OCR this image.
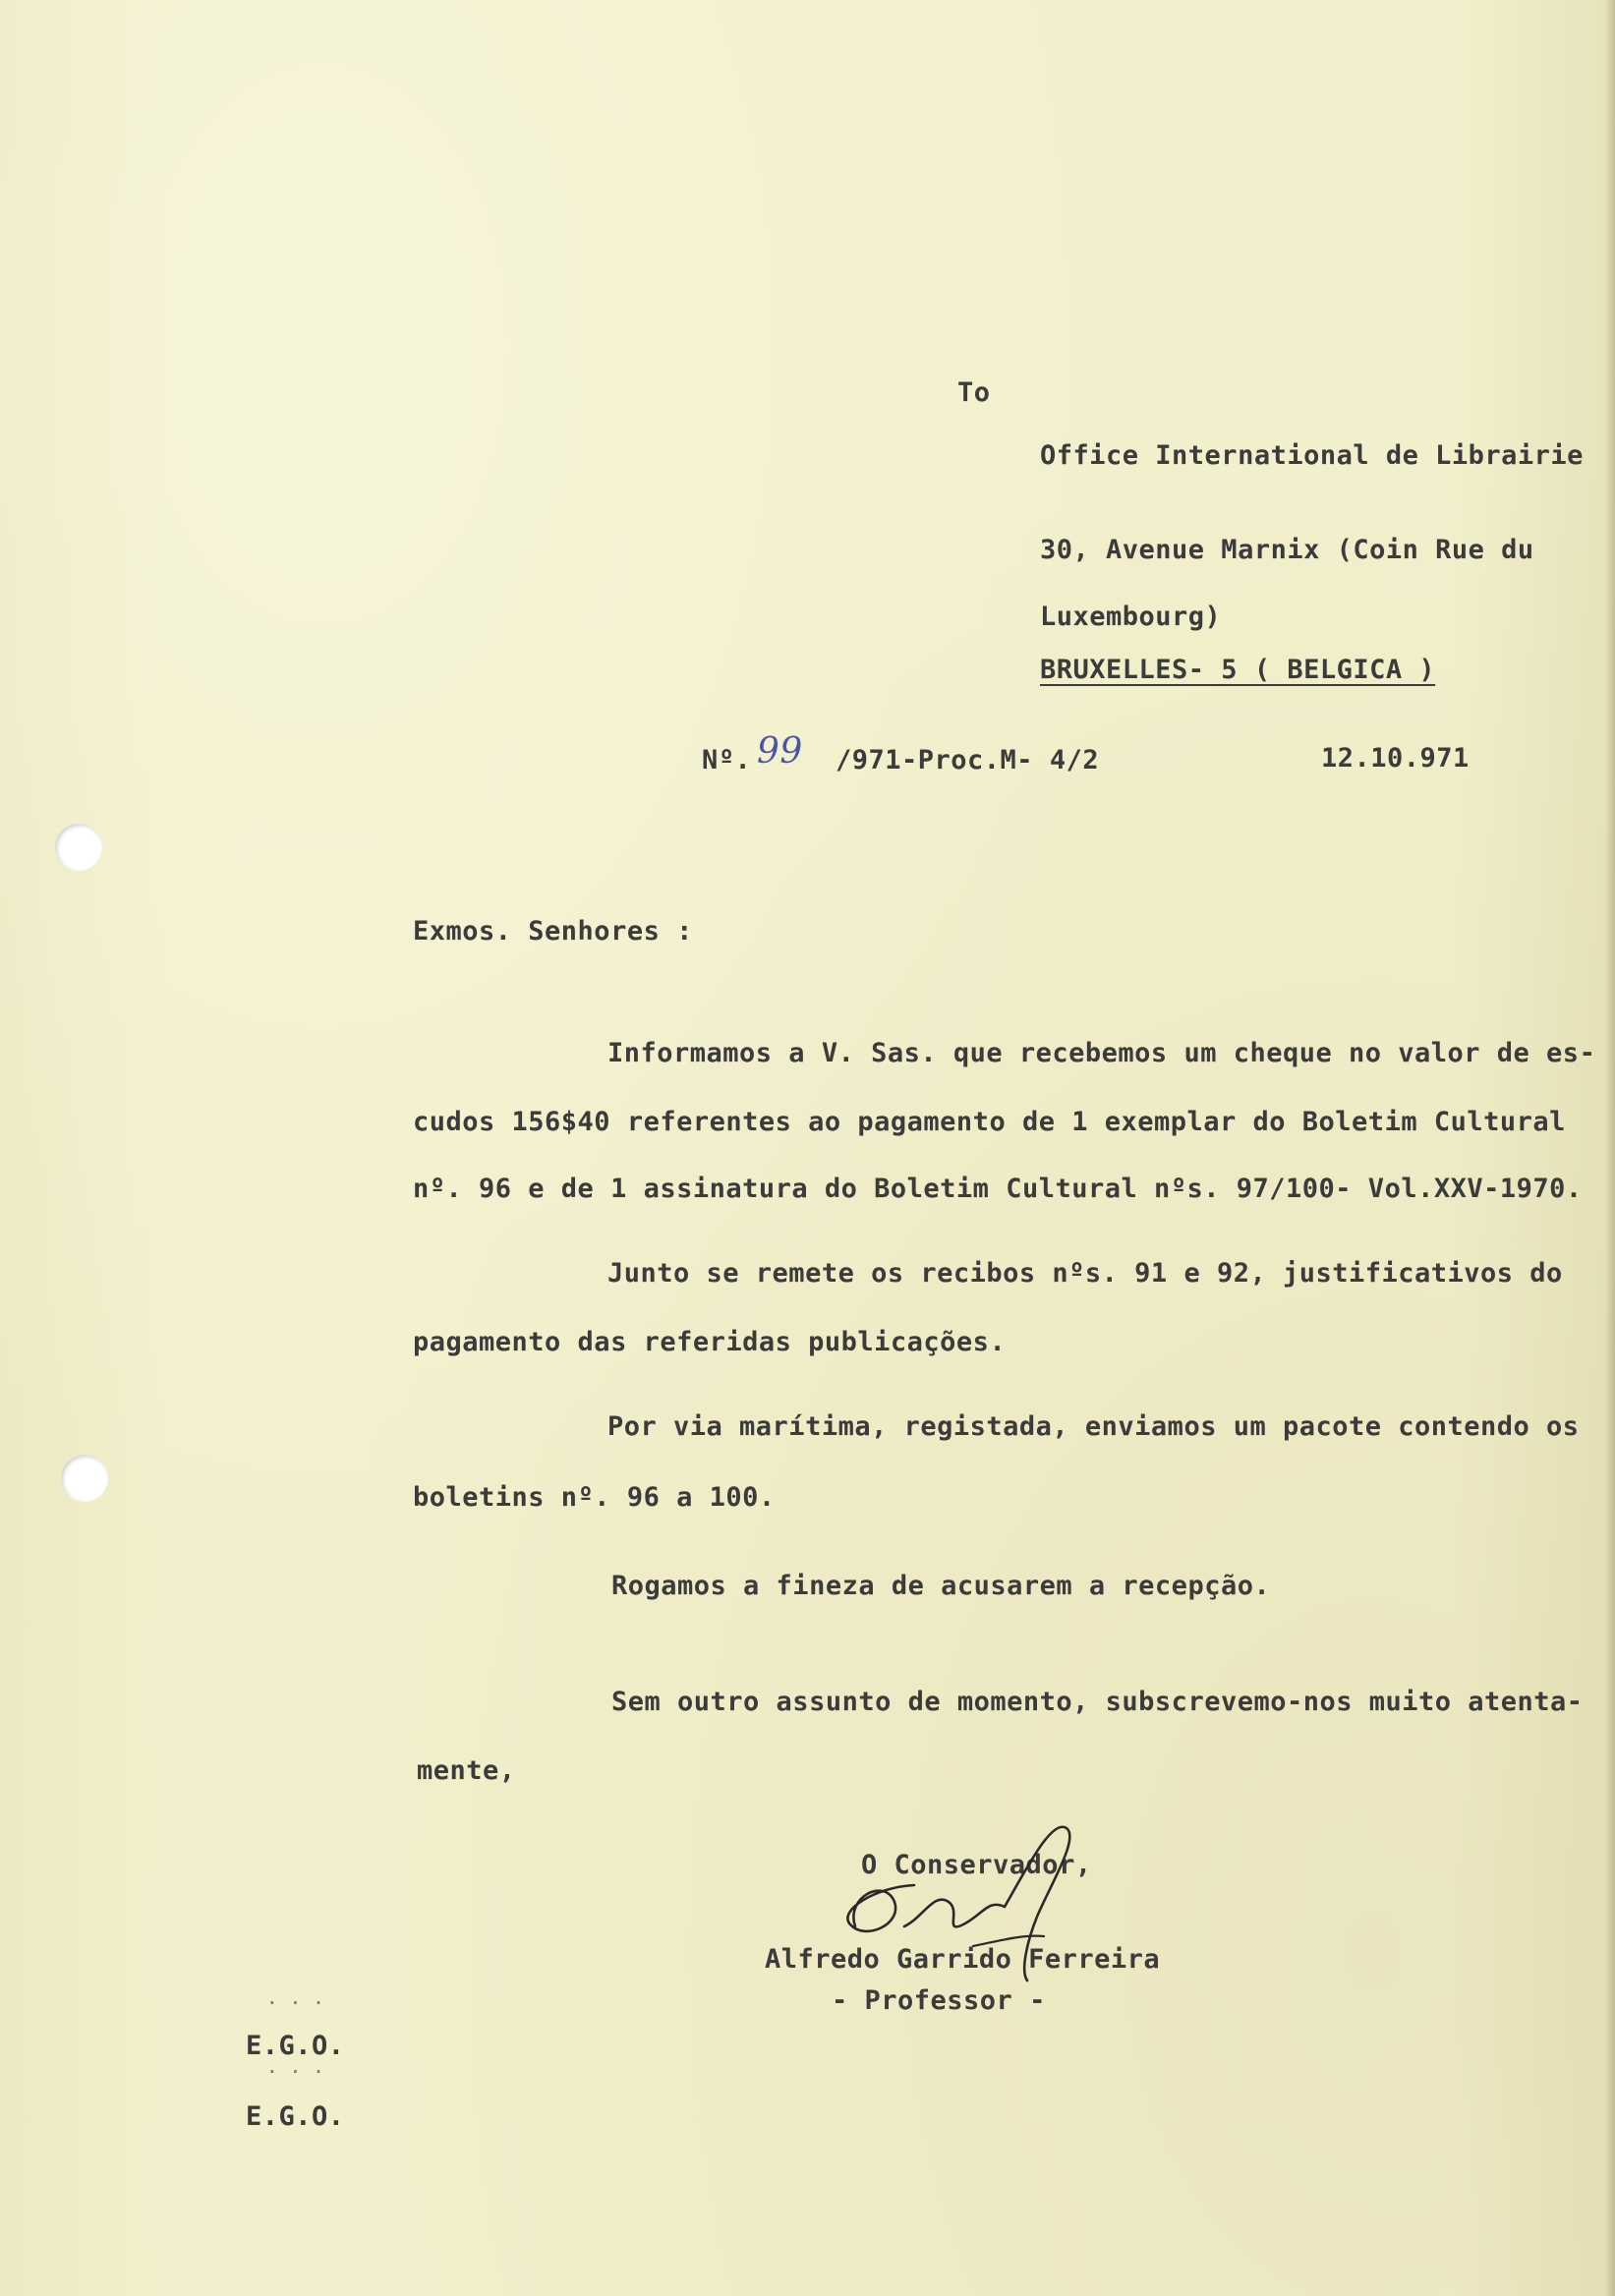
To
Office International de Librairie
30, Avenue Marnix (Coin Rue du
Luxembourg)
BRUXELLES- 5 ( BELGICA )
Nº. 99 /971-Proc.M- 4/2	12.10.971
Exmos. Senhores :
Informamos a V. Sas. que recebemos um cheque no valor de es-
cudos 156$40 referentes ao pagamento de 1 exemplar do Boletim Cultural
nº. 96 e de 1 assinatura do Boletim Cultural nºs. 97/100- Vol.XXV-1970.
Junto se remete os recibos nºs. 91 e 92, justificativos do
pagamento das referidas publicações.
Por via marítima, registada, enviamos um pacote contendo os
boletins nº. 96 a 100.
Rogamos a fineza de acusarem a recepção.
Sem outro assunto de momento, subscrevemo-nos muito atenta-
mente,
O Conservador,
Alfredo Garrido Ferreira
- Professor -
...
E.G.O.
...
E.G.O.
